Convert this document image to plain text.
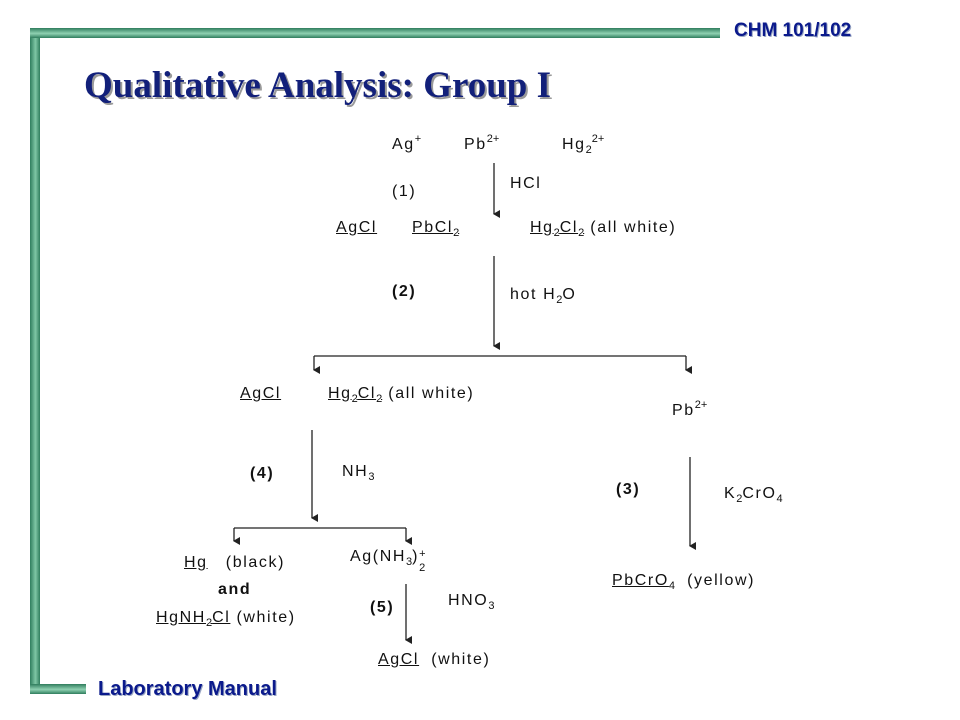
CHM 101/102
Qualitative Analysis: Group I
Laboratory Manual
Ag+	$Pb^{2+}$	$Hg_2^{2+}$
(1)	HCl
AgCl PbCl$_2$	$Hg_2Cl_2$ (all white)
(2)	hot $H_2O$
AgCl	$Hg_2Cl_2$ (all white)
$Pb^{2+}$
(4)	$NH_3$
(3)	$K_2CrO_4$
Hg (black)
and
HgNH$_2$Cl (white)
$Ag(NH_3)$
2
+
PbCrO$_4$ (yellow)
(5)	$HNO_3$
AgCl (white)
